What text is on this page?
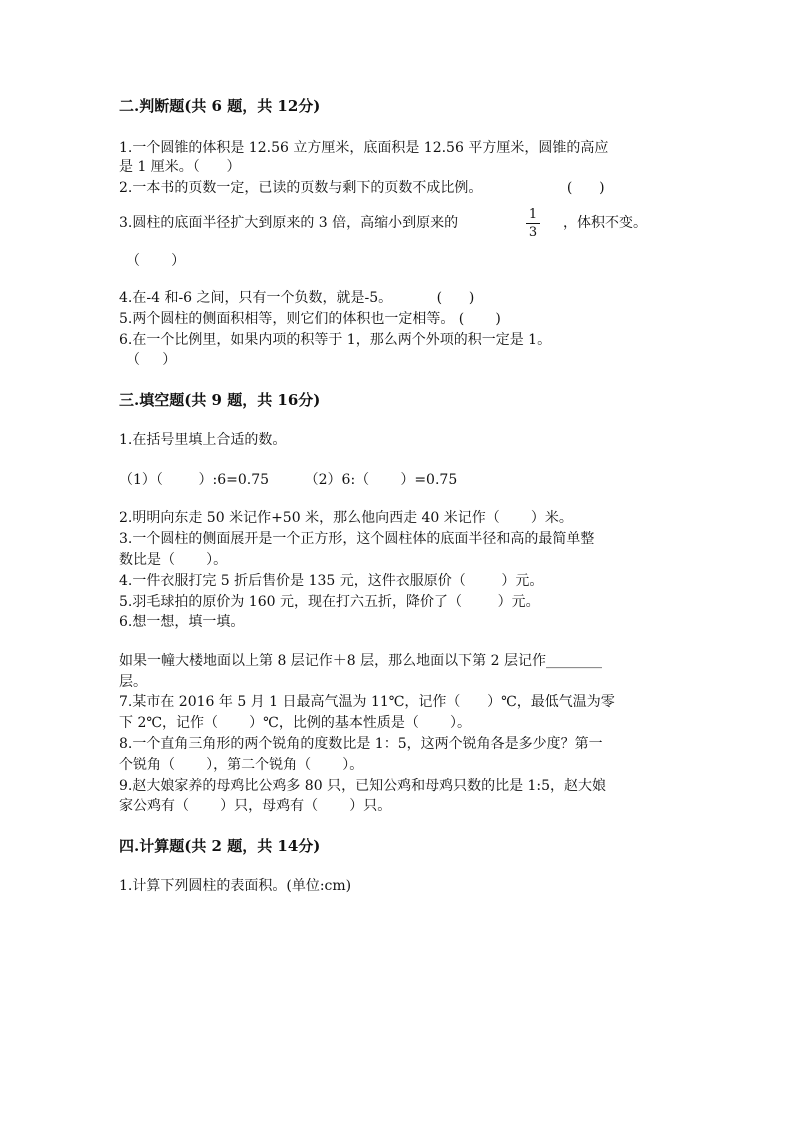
二.判断题(共 6 题，共 12分)
1.一个圆锥的体积是 12.56 立方厘米，底面积是 12.56 平方厘米，圆锥的高应
是 1 厘米。（      ）
2.一本书的页数一定，已读的页数与剩下的页数不成比例。                   (      )
3.圆柱的底面半径扩大到原来的 3 倍，高缩小到原来的
1
3
，体积不变。
（       ）
4.在-4 和-6 之间，只有一个负数，就是-5。          (      )
5.两个圆柱的侧面积相等，则它们的体积也一定相等。 (       )
6.在一个比例里，如果内项的积等于 1，那么两个外项的积一定是 1。
（     ）
三.填空题(共 9 题，共 16分)
1.在括号里填上合适的数。
（1）（        ）:6=0.75        （2）6:（       ）=0.75
2.明明向东走 50 米记作+50 米，那么他向西走 40 米记作（       ）米。
3.一个圆柱的侧面展开是一个正方形，这个圆柱体的底面半径和高的最简单整
数比是（       ）。
4.一件衣服打完 5 折后售价是 135 元，这件衣服原价（        ）元。
5.羽毛球拍的原价为 160 元，现在打六五折，降价了（        ）元。
6.想一想，填一填。
如果一幢大楼地面以上第 8 层记作＋8 层，那么地面以下第 2 层记作________
层。
7.某市在 2016 年 5 月 1 日最高气温为 11℃，记作（      ）℃，最低气温为零
下 2℃，记作（       ）℃，比例的基本性质是（       ）。
8.一个直角三角形的两个锐角的度数比是 1：5，这两个锐角各是多少度？第一
个锐角（       ），第二个锐角（       ）。
9.赵大娘家养的母鸡比公鸡多 80 只，已知公鸡和母鸡只数的比是 1:5，赵大娘
家公鸡有（       ）只，母鸡有（       ）只。
四.计算题(共 2 题，共 14分)
1.计算下列圆柱的表面积。(单位:cm)
